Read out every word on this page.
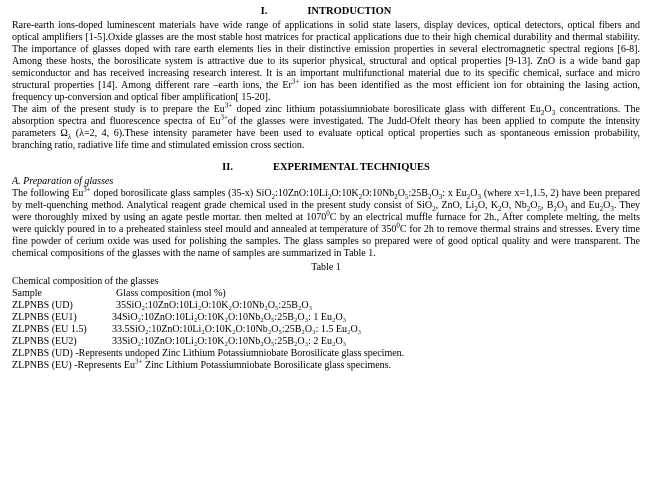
I.	INTRODUCTION

Rare-earth ions-doped luminescent materials have wide range of applications in solid state lasers, display devices, optical detectors, optical fibers and optical amplifiers [1-5].Oxide glasses are the most stable host matrices for practical applications due to their high chemical durability and thermal stability. The importance of glasses doped with rare earth elements lies in their distinctive emission properties in several electromagnetic spectral regions [6-8]. Among these hosts, the borosilicate system is attractive due to its superior physical, structural and optical properties [9-13]. ZnO is a wide band gap semiconductor and has received increasing research interest. It is an important multifunctional material due to its specific chemical, surface and micro structural properties [14]. Among different rare –earth ions, the $Er^{3+}$ ion has been identified as the most efficient ion for obtaining the lasing action, frequency up-conversion and optical fiber amplification[ 15-20].

The aim of the present study is to prepare the $Eu^{3+}$ doped zinc lithium potassiumniobate borosilicate glass with different $Eu_2O_3$ concentrations. The absorption spectra and fluorescence spectra of $Eu^{3+}of$ the glasses were investigated. The Judd-Ofelt theory has been applied to compute the intensity parameters $\Omega_\lambda$ (λ=2, 4, 6).These intensity parameter have been used to evaluate optical optical properties such as spontaneous emission probability, branching ratio, radiative life time and stimulated emission cross section.

II.	EXPERIMENTAL TECHNIQUES

A. Preparation of glasses

The following $Eu^{3+}$ doped borosilicate glass samples (35-x) $SiO_2:10ZnO:10Li_2O:10K_2O:10Nb_2O_5:25B_2O_3$: x $Eu_2O_3$ (where x=1,1.5, 2) have been prepared by melt-quenching method. Analytical reagent grade chemical used in the present study consist of SiO$_2$, ZnO, $Li_2O$, $K_2O$, $Nb_2O_5$, $B_2O_3$ and $Eu_2O_3$. They were thoroughly mixed by using an agate pestle mortar. then melted at 1070$^0$C by an electrical muffle furnace for 2h., After complete melting, the melts were quickly poured in to a preheated stainless steel mould and annealed at temperature of $350^0C$ for 2h to remove thermal strains and stresses. Every time fine powder of cerium oxide was used for polishing the samples. The glass samples so prepared were of good optical quality and were transparent. The chemical compositions of the glasses with the name of samples are summarized in Table 1.

Table 1
Chemical composition of the glasses
Sample	Glass composition (mol %)
ZLPNBS (UD)	35SiO₂:10ZnO:10Li₂O:10K₂O:10Nb₂O₅:25B₂O₃
ZLPNBS (EU1)	34SiO₂:10ZnO:10Li₂O:10K₂O:10Nb₂O₅:25B₂O₃: 1 Eu₂O₃
ZLPNBS (EU 1.5)	33.5SiO₂:10ZnO:10Li₂O:10K₂O:10Nb₂O₅:25B₂O₃: 1.5 Eu₂O₃
ZLPNBS (EU2)	33SiO₂:10ZnO:10Li₂O:10K₂O:10Nb₂O₅:25B₂O₃: 2 Eu₂O₃
ZLPNBS (UD) -Represents undoped Zinc Lithium Potassiumniobate Borosilicate glass specimen.
ZLPNBS (EU) -Represents $Eu^{3+}$ Zinc Lithium Potassiumniobate Borosilicate glass specimens.
